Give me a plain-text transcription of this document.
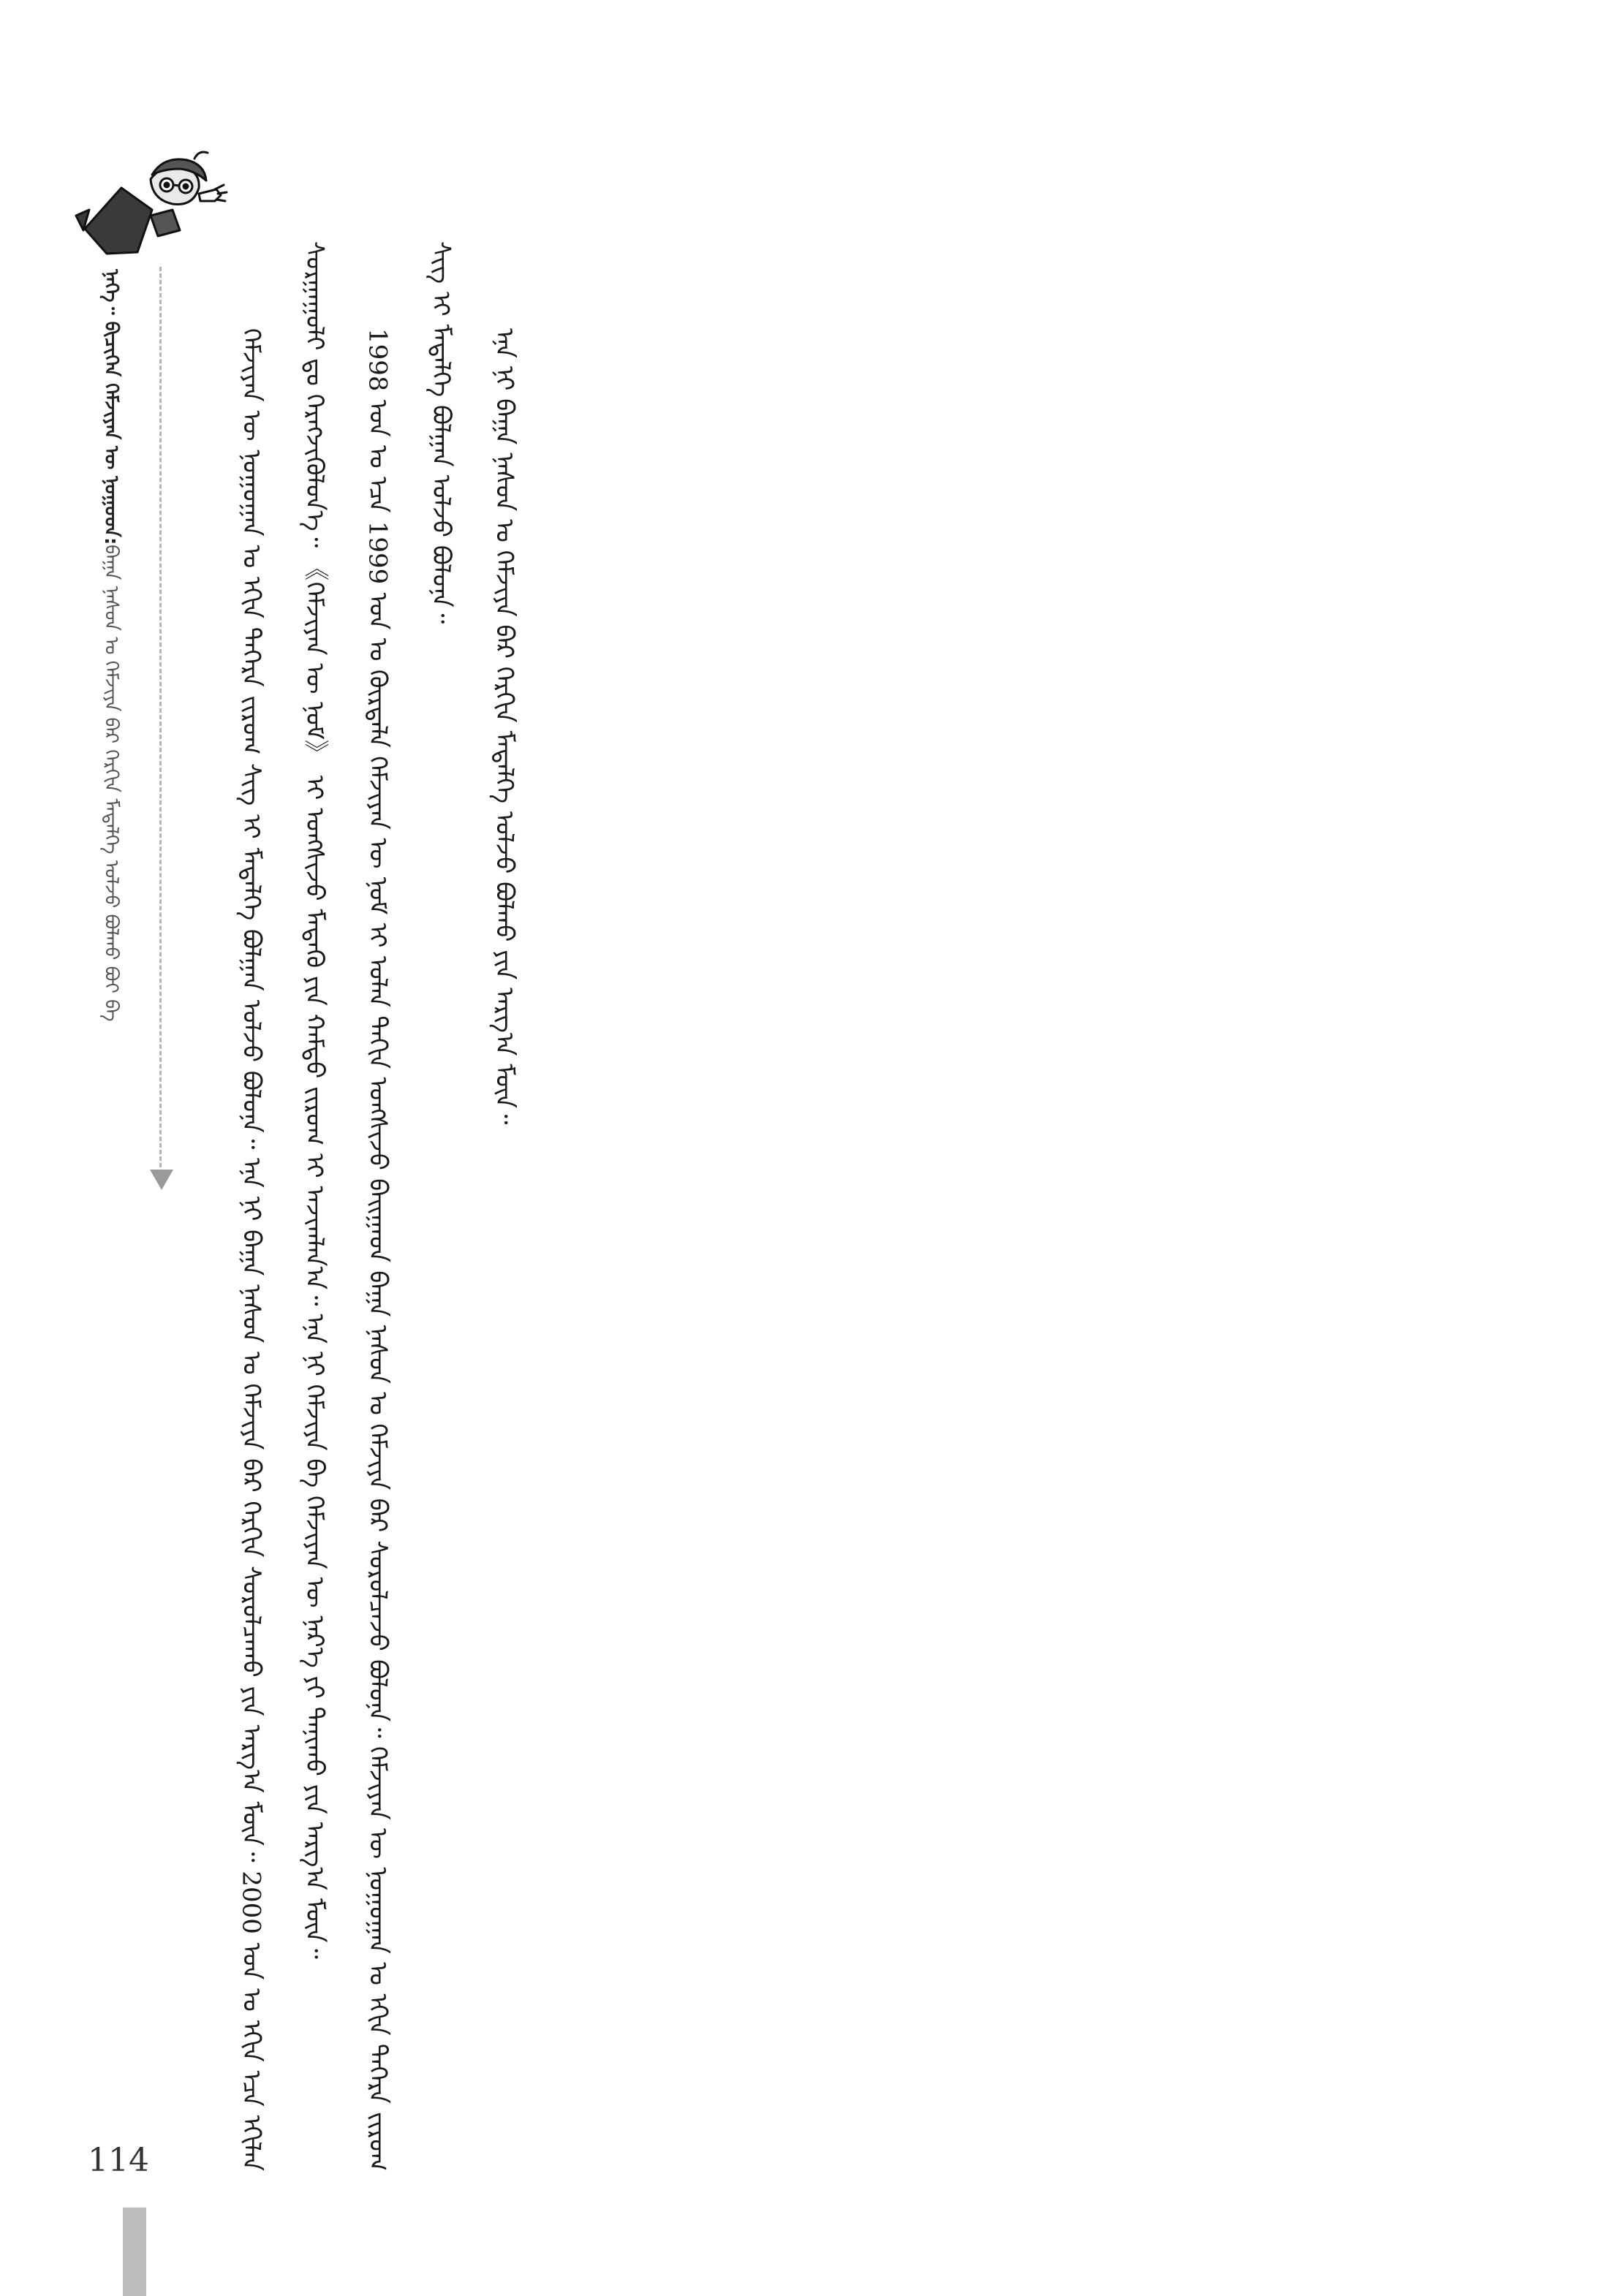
ᠨᠡᠭᠡ᠃ ᠪᠢᠴᠢᠬᠡᠨ ᠬᠡᠮᠵᠢᠶᠡᠨ ᠦ ᠨᠤᠭᠤᠳ:ᠪᠠᠭᠠ ᠨᠠᠰᠤᠨ ᠤ ᠬᠡᠮᠵᠢᠶᠡ ᠪᠡᠷ ᠬᠡᠷᠬᠢᠨ ᠮᠡᠳᠡᠯᠭᠡ ᠣᠯᠵᠤ ᠪᠣᠯᠬᠤ ᠪᠣᠢ ᠪᠡ	ᠬᠡᠮᠵᠢᠶᠡᠨ ᠦ ᠨᠣᠭᠣᠭᠠᠨ ᠤ ᠡᠬᠢᠨ ᠳᠡᠭᠡᠷᠡ ᠵᠢᠷᠤᠭ ᠰᠢᠭ ᠢ ᠮᠡᠳᠡᠯᠭᠡ ᠪᠤᠯᠭᠠᠨ ᠣᠯᠵᠤ ᠪᠣᠯᠤᠨᠠ᠃ ᠡᠨᠡ ᠨᠢ ᠪᠠᠭᠠ ᠨᠠᠰᠤᠨ ᠤ ᠬᠡᠮᠵᠢᠶᠡ ᠪᠡᠷ ᠬᠡᠷᠬᠢᠨ ᠰᠤᠷᠤᠯᠴᠠᠬᠤ ᠶᠢᠨ ᠠᠷᠭ᠎ᠠ ᠮᠥᠨ᠃ 2000 ᠣᠨ ᠤ ᠡᠬᠢᠨ ᠡᠴᠡ ᠡᠬᠢᠯᠡᠨ ᠰᠤᠷᠭᠠᠭᠤᠯᠢ ᠳᠤ ᠬᠡᠷᠡᠭᠵᠢᠭᠦᠯᠦᠨ᠎ᠡ᠃ 《ᠬᠡᠮᠵᠢᠶᠡᠨ ᠦ ᠨᠣᠮ》 ᠢ ᠤᠩᠰᠢᠵᠤ ᠮᠡᠳᠡᠬᠦ ᠶᠢᠨ ᠬᠠᠮᠲᠤ ᠵᠢᠷᠤᠭ ᠢ ᠠᠵᠢᠭᠯᠠᠨ᠎ᠠ᠃ ᠡᠨᠡ ᠨᠢ ᠬᠡᠮᠵᠢᠶᠡ ᠪᠠ ᠬᠡᠮᠵᠢᠶᠡᠨ ᠦ ᠨᠡᠷ᠎ᠡ ᠶᠢ ᠲᠠᠨᠢᠬᠤ ᠶᠢᠨ ᠠᠷᠭ᠎ᠠ ᠮᠥᠨ᠃	1998 ᠣᠨ ᠤ ᠡᠴᠡ 1999 ᠣᠨ ᠤ ᠬᠦᠷᠲᠡᠯᠡ ᠬᠡᠮᠵᠢᠶᠡᠨ ᠦ ᠨᠣᠮ ᠢ ᠣᠯᠠᠨ ᠳᠠᠬᠢᠨ ᠤᠩᠰᠢᠵᠤ ᠪᠠᠢᠭᠠᠳ ᠪᠠᠭᠠ ᠨᠠᠰᠤᠨ ᠤ ᠬᠡᠮᠵᠢᠶᠡ ᠪᠡᠷ ᠰᠤᠷᠤᠯᠴᠠᠵᠤ ᠪᠣᠯᠤᠨᠠ᠃ ᠬᠡᠮᠵᠢᠶᠡᠨ ᠦ ᠨᠣᠭᠣᠭᠠᠨ ᠤ ᠡᠬᠢᠨ ᠳᠡᠭᠡᠷᠡ ᠵᠢᠷᠤᠭ ᠰᠢᠭ ᠢ ᠮᠡᠳᠡᠯᠭᠡ ᠪᠤᠯᠭᠠᠨ ᠣᠯᠵᠤ ᠪᠣᠯᠤᠨᠠ᠃	ᠡᠨᠡ ᠨᠢ ᠪᠠᠭᠠ ᠨᠠᠰᠤᠨ ᠤ ᠬᠡᠮᠵᠢᠶᠡ ᠪᠡᠷ ᠬᠡᠷᠬᠢᠨ ᠮᠡᠳᠡᠯᠭᠡ ᠣᠯᠵᠤ ᠪᠣᠯᠬᠤ ᠶᠢᠨ ᠠᠷᠭ᠎ᠠ ᠮᠥᠨ᠃

114
